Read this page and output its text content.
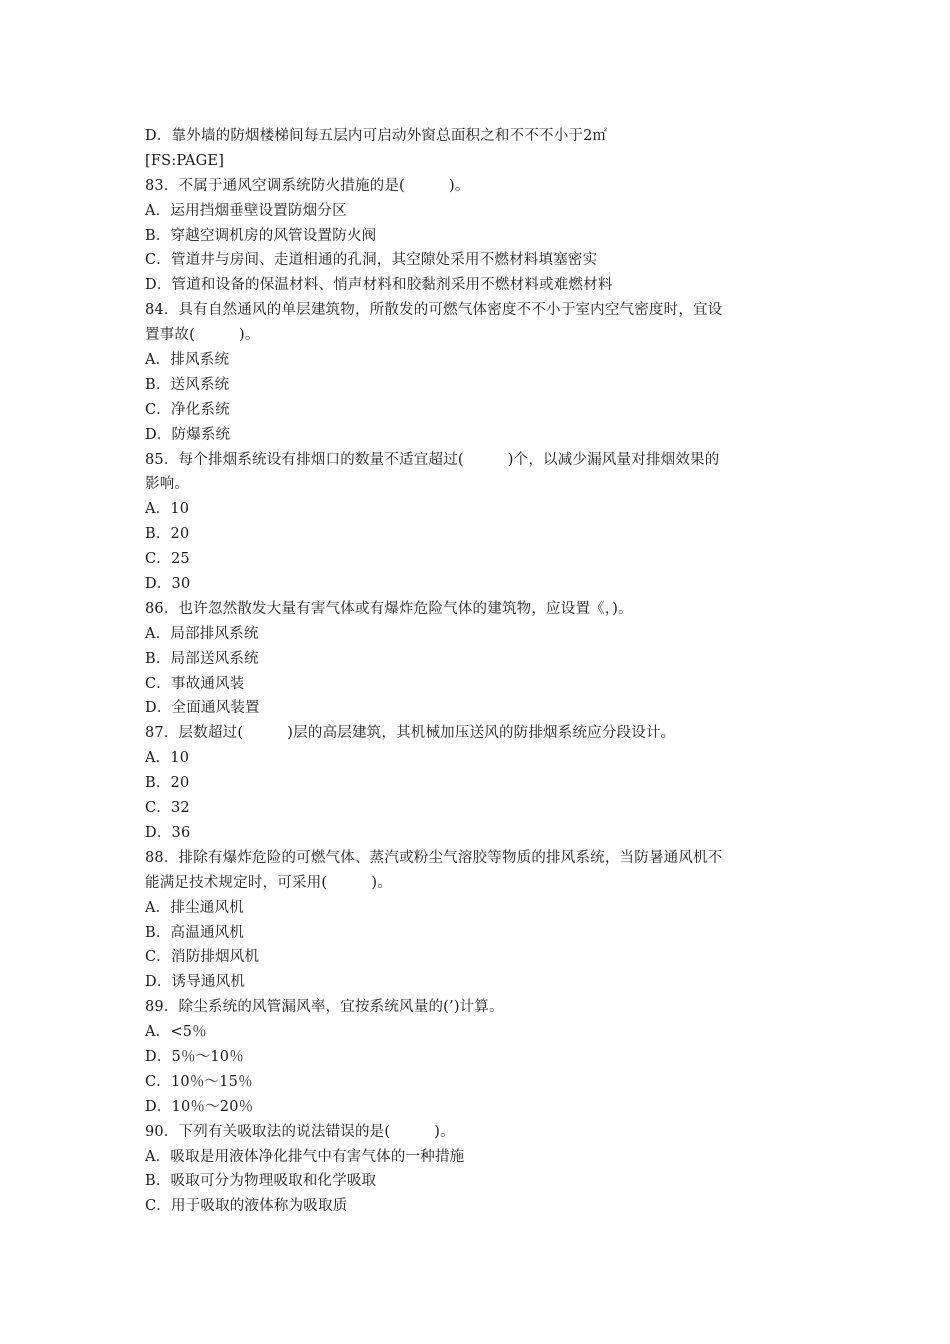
D．靠外墙的防烟楼梯间每五层内可启动外窗总面积之和不不不小于2㎡
[FS:PAGE]
83．不属于通风空调系统防火措施的是(　　　)。
A．运用挡烟垂壁设置防烟分区
B．穿越空调机房的风管设置防火阀
C．管道井与房间、走道相通的孔洞，其空隙处采用不燃材料填塞密实
D．管道和设备的保温材料、悄声材料和胶黏剂采用不燃材料或难燃材料
84．具有自然通风的单层建筑物，所散发的可燃气体密度不不小于室内空气密度时，宜设
置事故(　　　)。
A．排风系统
B．送风系统
C．净化系统
D．防爆系统
85．每个排烟系统设有排烟口的数量不适宜超过(　　　)个，以减少漏风量对排烟效果的
影响。
A．10
B．20
C．25
D．30
86．也许忽然散发大量有害气体或有爆炸危险气体的建筑物，应设置《，)。
A．局部排风系统
B．局部送风系统
C．事故通风装
D．全面通风装置
87．层数超过(　　　)层的高层建筑，其机械加压送风的防排烟系统应分段设计。
A．10
B．20
C．32
D．36
88．排除有爆炸危险的可燃气体、蒸汽或粉尘气溶胶等物质的排风系统，当防暑通风机不
能满足技术规定时，可采用(　　　)。
A．排尘通风机
B．高温通风机
C．消防排烟风机
D．诱导通风机
89．除尘系统的风管漏风率，宜按系统风量的(’)计算。
A．<5％
D．5％～10％
C．10％～15％
D．10％～20％
90．下列有关吸取法的说法错误的是(　　　)。
A．吸取是用液体净化排气中有害气体的一种措施
B．吸取可分为物理吸取和化学吸取
C．用于吸取的液体称为吸取质
